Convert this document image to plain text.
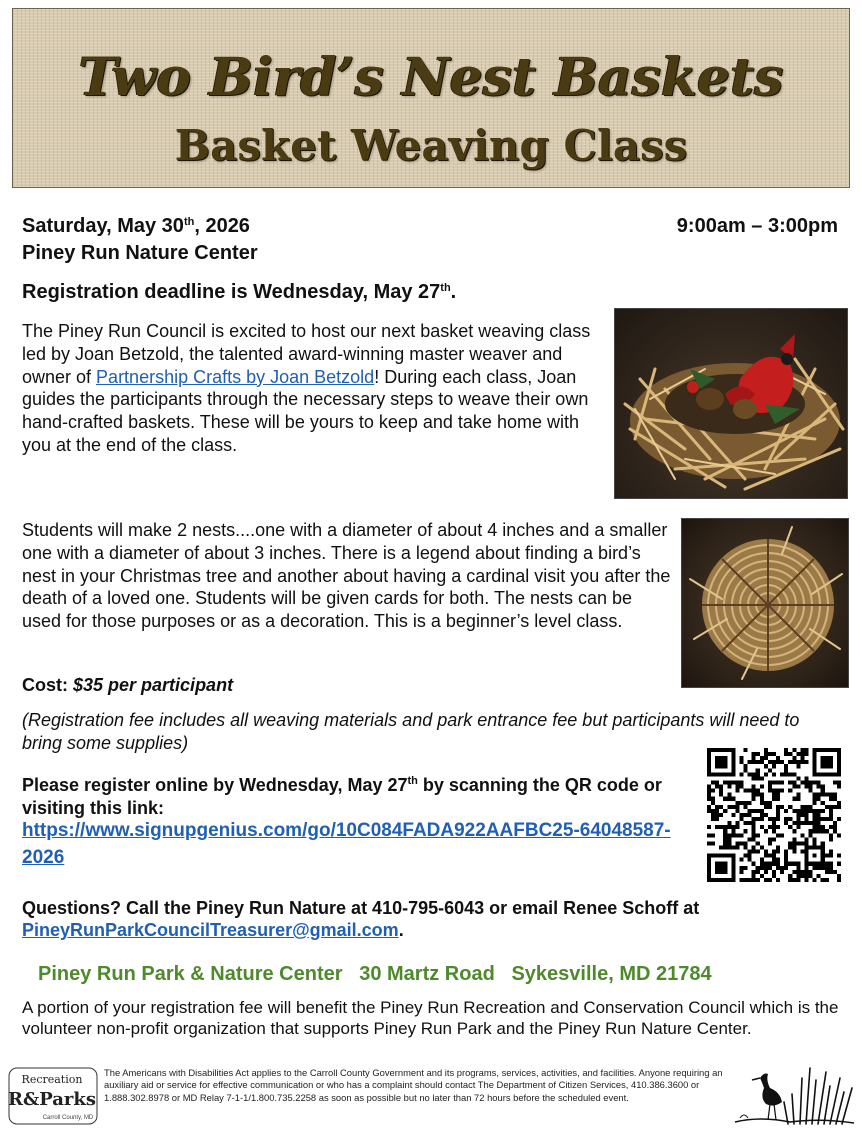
Two Bird’s Nest Baskets
Basket Weaving Class
Saturday, May 30th, 2026	9:00am – 3:00pm
Piney Run Nature Center
Registration deadline is Wednesday, May 27th.
The Piney Run Council is excited to host our next basket weaving class led by Joan Betzold, the talented award-winning master weaver and owner of Partnership Crafts by Joan Betzold! During each class, Joan guides the participants through the necessary steps to weave their own hand-crafted baskets. These will be yours to keep and take home with you at the end of the class.
Students will make 2 nests....one with a diameter of about 4 inches and a smaller one with a diameter of about 3 inches. There is a legend about finding a bird’s nest in your Christmas tree and another about having a cardinal visit you after the death of a loved one. Students will be given cards for both. The nests can be used for those purposes or as a decoration. This is a beginner’s level class.
Cost: $35 per participant
(Registration fee includes all weaving materials and park entrance fee but participants will need to bring some supplies)
Please register online by Wednesday, May 27th by scanning the QR code or visiting this link:
https://www.signupgenius.com/go/10C084FADA922AAFBC25-64048587-2026
Questions? Call the Piney Run Nature at 410-795-6043 or email Renee Schoff at PineyRunParkCouncilTreasurer@gmail.com.
Piney Run Park & Nature Center   30 Martz Road   Sykesville, MD 21784
A portion of your registration fee will benefit the Piney Run Recreation and Conservation Council which is the volunteer non-profit organization that supports Piney Run Park and the Piney Run Nature Center.
Recreation
R&Parks
Carroll County, MD
The Americans with Disabilities Act applies to the Carroll County Government and its programs, services, activities, and facilities. Anyone requiring an auxiliary aid or service for effective communication or who has a complaint should contact The Department of Citizen Services, 410.386.3600 or 1.888.302.8978 or MD Relay 7-1-1/1.800.735.2258 as soon as possible but no later than 72 hours before the scheduled event.
